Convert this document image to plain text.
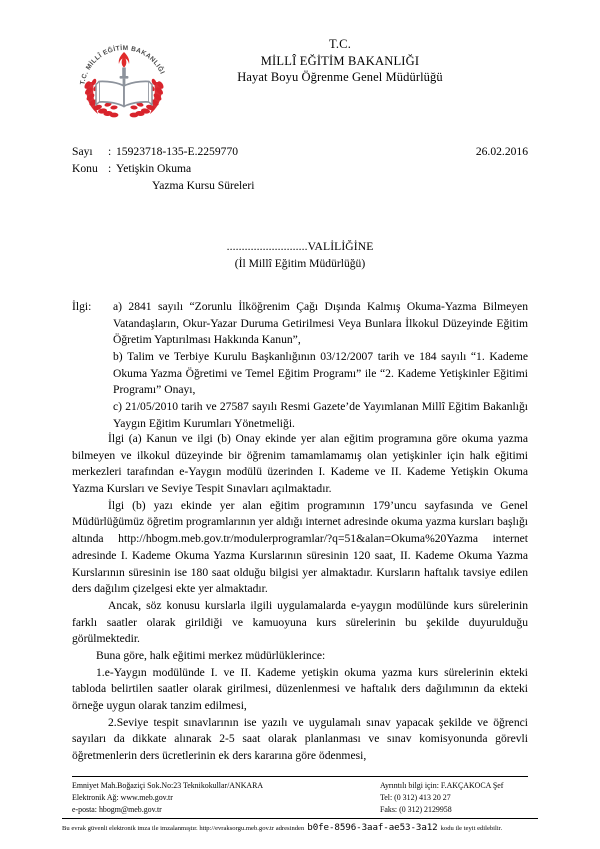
T.C. MİLLÎ EĞİTİM BAKANLIĞI
T.C.
MİLLÎ EĞİTİM BAKANLIĞI
Hayat Boyu Öğrenme Genel Müdürlüğü
Sayı : 15923718-135-E.2259770	26.02.2016
Konu : Yetişkin Okuma
Yazma Kursu Süreleri
...........................VALİLİĞİNE
(İl Millî Eğitim Müdürlüğü)
İlgi:	a) 2841 sayılı “Zorunlu İlköğrenim Çağı Dışında Kalmış Okuma-Yazma Bilmeyen Vatandaşların, Okur-Yazar Duruma Getirilmesi Veya Bunlara İlkokul Düzeyinde Eğitim Öğretim Yaptırılması Hakkında Kanun”,
b) Talim ve Terbiye Kurulu Başkanlığının 03/12/2007 tarih ve 184 sayılı “1. Kademe Okuma Yazma Öğretimi ve Temel Eğitim Programı” ile “2. Kademe Yetişkinler Eğitimi Programı” Onayı,
c) 21/05/2010 tarih ve 27587 sayılı Resmi Gazete’de Yayımlanan Millî Eğitim Bakanlığı Yaygın Eğitim Kurumları Yönetmeliği.

İlgi (a) Kanun ve ilgi (b) Onay ekinde yer alan eğitim programına göre okuma yazma bilmeyen ve ilkokul düzeyinde bir öğrenim tamamlamamış olan yetişkinler için halk eğitimi merkezleri tarafından e-Yaygın modülü üzerinden I. Kademe ve II. Kademe Yetişkin Okuma Yazma Kursları ve Seviye Tespit Sınavları açılmaktadır.

İlgi (b) yazı ekinde yer alan eğitim programının 179’uncu sayfasında ve Genel Müdürlüğümüz öğretim programlarının yer aldığı internet adresinde okuma yazma kursları başlığı altında http://hbogm.meb.gov.tr/modulerprogramlar/?q=51&alan=Okuma%20Yazma internet adresinde I. Kademe Okuma Yazma Kurslarının süresinin 120 saat, II. Kademe Okuma Yazma Kurslarının süresinin ise 180 saat olduğu bilgisi yer almaktadır. Kursların haftalık tavsiye edilen ders dağılım çizelgesi ekte yer almaktadır.

Ancak, söz konusu kurslarla ilgili uygulamalarda e-yaygın modülünde kurs sürelerinin farklı saatler olarak girildiği ve kamuoyuna kurs sürelerinin bu şekilde duyurulduğu görülmektedir.

Buna göre, halk eğitimi merkez müdürlüklerince:

1.e-Yaygın modülünde I. ve II. Kademe yetişkin okuma yazma kurs sürelerinin ekteki tabloda belirtilen saatler olarak girilmesi, düzenlenmesi ve haftalık ders dağılımının da ekteki örneğe uygun olarak tanzim edilmesi,

2.Seviye tespit sınavlarının ise yazılı ve uygulamalı sınav yapacak şekilde ve öğrenci sayıları da dikkate alınarak 2-5 saat olarak planlanması ve sınav komisyonunda görevli öğretmenlerin ders ücretlerinin ek ders kararına göre ödenmesi,

Emniyet Mah.Boğaziçi Sok.No:23 Teknikokullar/ANKARA
Elektronik Ağ: www.meb.gov.tr
e-posta: hbogm@meb.gov.tr
Ayrıntılı bilgi için: F.AKÇAKOCA Şef
Tel: (0 312) 413 20 27
Faks: (0 312) 2129958
Bu evrak güvenli elektronik imza ile imzalanmıştır. http://evraksorgu.meb.gov.tr adresinden b0fe-8596-3aaf-ae53-3a12 kodu ile teyit edilebilir.
